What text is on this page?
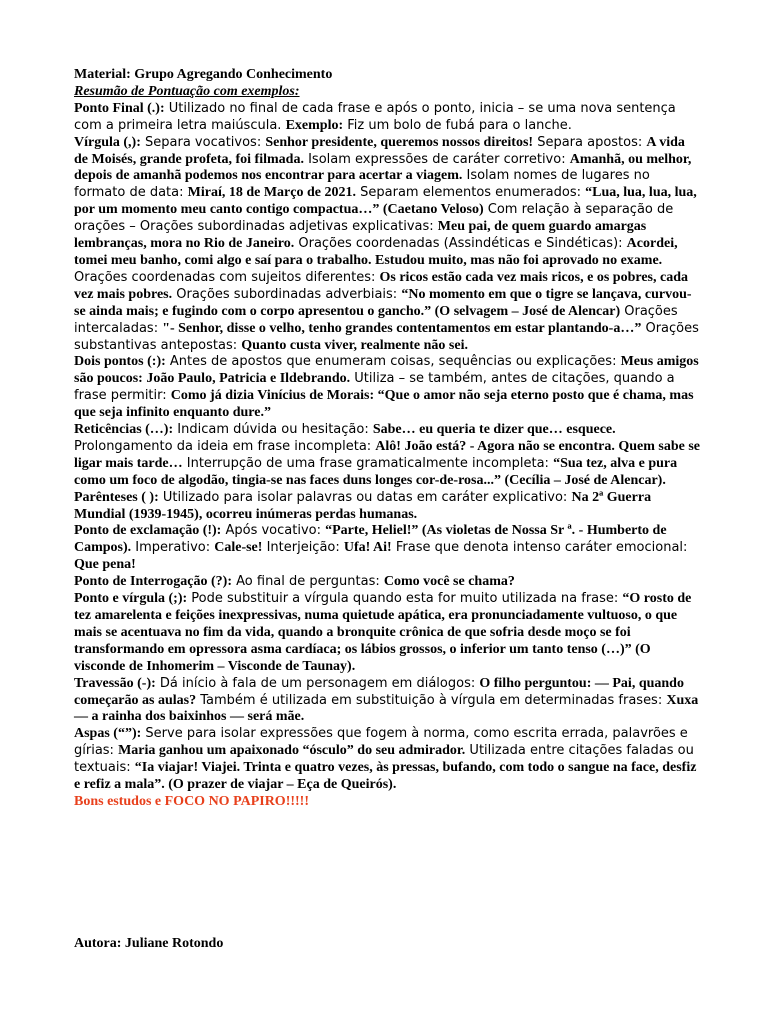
Material: Grupo Agregando Conhecimento

Resumão de Pontuação com exemplos:

Ponto Final (.): Utilizado no final de cada frase e após o ponto, inicia – se uma nova sentença com a primeira letra maiúscula. Exemplo: Fiz um bolo de fubá para o lanche.

Vírgula (,): Separa vocativos: Senhor presidente, queremos nossos direitos! Separa apostos: A vida de Moisés, grande profeta, foi filmada. Isolam expressões de caráter corretivo: Amanhã, ou melhor, depois de amanhã podemos nos encontrar para acertar a viagem. Isolam nomes de lugares no formato de data: Miraí, 18 de Março de 2021. Separam elementos enumerados: “Lua, lua, lua, lua, por um momento meu canto contigo compactua…” (Caetano Veloso) Com relação à separação de orações – Orações subordinadas adjetivas explicativas: Meu pai, de quem guardo amargas lembranças, mora no Rio de Janeiro. Orações coordenadas (Assindéticas e Sindéticas): Acordei, tomei meu banho, comi algo e saí para o trabalho. Estudou muito, mas não foi aprovado no exame. Orações coordenadas com sujeitos diferentes: Os ricos estão cada vez mais ricos, e os pobres, cada vez mais pobres. Orações subordinadas adverbiais: “No momento em que o tigre se lançava, curvou-se ainda mais; e fugindo com o corpo apresentou o gancho.” (O selvagem – José de Alencar) Orações intercaladas: "- Senhor, disse o velho, tenho grandes contentamentos em estar plantando-a…” Orações substantivas antepostas: Quanto custa viver, realmente não sei.

Dois pontos (:): Antes de apostos que enumeram coisas, sequências ou explicações: Meus amigos são poucos: João Paulo, Patricia e Ildebrando. Utiliza – se também, antes de citações, quando a frase permitir: Como já dizia Vinícius de Morais: “Que o amor não seja eterno posto que é chama, mas que seja infinito enquanto dure.”

Reticências (…): Indicam dúvida ou hesitação: Sabe… eu queria te dizer que… esquece. Prolongamento da ideia em frase incompleta: Alô! João está? - Agora não se encontra. Quem sabe se ligar mais tarde… Interrupção de uma frase gramaticalmente incompleta: “Sua tez, alva e pura como um foco de algodão, tingia-se nas faces duns longes cor-de-rosa...” (Cecília – José de Alencar).

Parênteses ( ): Utilizado para isolar palavras ou datas em caráter explicativo: Na 2ª Guerra Mundial (1939-1945), ocorreu inúmeras perdas humanas.

Ponto de exclamação (!): Após vocativo: “Parte, Heliel!” (As violetas de Nossa Sr ª. - Humberto de Campos). Imperativo: Cale-se! Interjeição: Ufa! Ai! Frase que denota intenso caráter emocional: Que pena!

Ponto de Interrogação (?): Ao final de perguntas: Como você se chama?

Ponto e vírgula (;): Pode substituir a vírgula quando esta for muito utilizada na frase: “O rosto de tez amarelenta e feições inexpressivas, numa quietude apática, era pronunciadamente vultuoso, o que mais se acentuava no fim da vida, quando a bronquite crônica de que sofria desde moço se foi transformando em opressora asma cardíaca; os lábios grossos, o inferior um tanto tenso (…)” (O visconde de Inhomerim – Visconde de Taunay).

Travessão (-): Dá início à fala de um personagem em diálogos: O filho perguntou: — Pai, quando começarão as aulas? Também é utilizada em substituição à vírgula em determinadas frases: Xuxa — a rainha dos baixinhos — será mãe.

Aspas (“”): Serve para isolar expressões que fogem à norma, como escrita errada, palavrões e gírias: Maria ganhou um apaixonado “ósculo” do seu admirador. Utilizada entre citações faladas ou textuais: “Ia viajar! Viajei. Trinta e quatro vezes, às pressas, bufando, com todo o sangue na face, desfiz e refiz a mala”. (O prazer de viajar – Eça de Queirós).

Bons estudos e FOCO NO PAPIRO!!!!!

Autora: Juliane Rotondo
